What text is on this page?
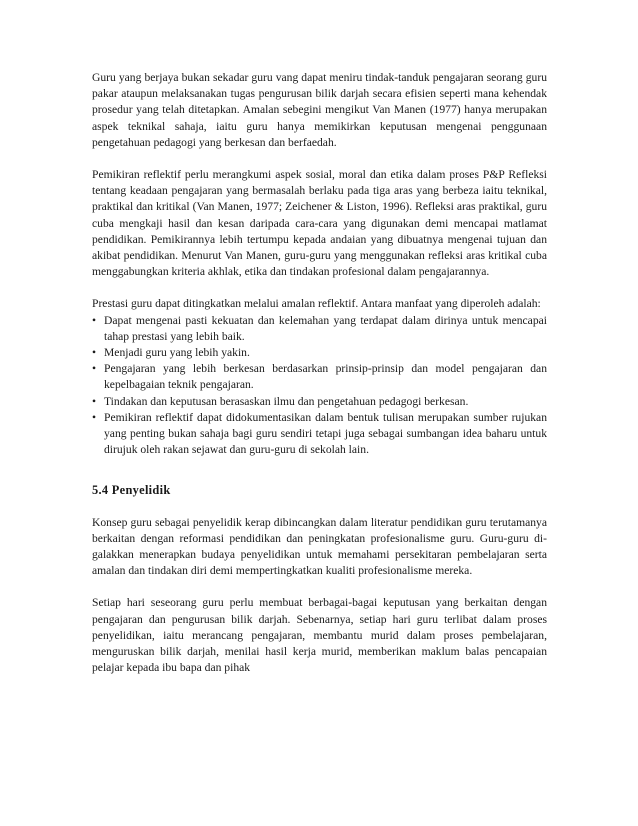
Guru yang berjaya bukan sekadar guru vang dapat meniru tindak-tanduk pengajaran seorang guru pakar ataupun melaksanakan tugas pengurusan bilik darjah secara efisien seperti mana kehendak prosedur yang telah ditetapkan. Amalan sebegini mengikut Van Manen (1977) hanya merupakan aspek teknikal sahaja, iaitu guru hanya memikirkan keputusan mengenai penggunaan pengetahuan pedagogi yang berkesan dan berfaedah.

Pemikiran reflektif perlu merangkumi aspek sosial, moral dan etika dalam proses P&P Refleksi tentang keadaan pengajaran yang bermasalah berlaku pada tiga aras yang berbeza iaitu teknikal, praktikal dan kritikal (Van Manen, 1977; Zeichener & Liston, 1996). Refleksi aras praktikal, guru cuba mengkaji hasil dan kesan daripada cara-cara yang digunakan demi mencapai matlamat pendidikan. Pemikirannya lebih tertumpu kepada andaian yang dibuatnya mengenai tujuan dan akibat pendidikan. Menurut Van Manen, guru-guru yang menggunakan refleksi aras kritikal cuba menggabungkan kriteria akhlak, etika dan tindakan profesional dalam pengajarannya.

Prestasi guru dapat ditingkatkan melalui amalan reflektif. Antara manfaat yang diperoleh adalah:

• Dapat mengenai pasti kekuatan dan kelemahan yang terdapat dalam dirinya untuk mencapai tahap prestasi yang lebih baik.
• Menjadi guru yang lebih yakin.
• Pengajaran yang lebih berkesan berdasarkan prinsip-prinsip dan model pengajaran dan kepelbagaian teknik pengajaran.
• Tindakan dan keputusan berasaskan ilmu dan pengetahuan pedagogi berkesan.
• Pemikiran reflektif dapat didokumentasikan dalam bentuk tulisan merupakan sumber rujukan yang penting bukan sahaja bagi guru sendiri tetapi juga sebagai sumbangan idea baharu untuk dirujuk oleh rakan sejawat dan guru-guru di sekolah lain.
5.4 Penyelidik

Konsep guru sebagai penyelidik kerap dibincangkan dalam literatur pendidikan guru terutamanya berkaitan dengan reformasi pendidikan dan peningkatan profesionalisme guru. Guru-guru di- galakkan menerapkan budaya penyelidikan untuk memahami persekitaran pembelajaran serta amalan dan tindakan diri demi mempertingkatkan kualiti profesionalisme mereka.

Setiap hari seseorang guru perlu membuat berbagai-bagai keputusan yang berkaitan dengan pengajaran dan pengurusan bilik darjah. Sebenarnya, setiap hari guru terlibat dalam proses penyelidikan, iaitu merancang pengajaran, membantu murid dalam proses pembelajaran, menguruskan bilik darjah, menilai hasil kerja murid, memberikan maklum balas pencapaian pelajar kepada ibu bapa dan pihak
